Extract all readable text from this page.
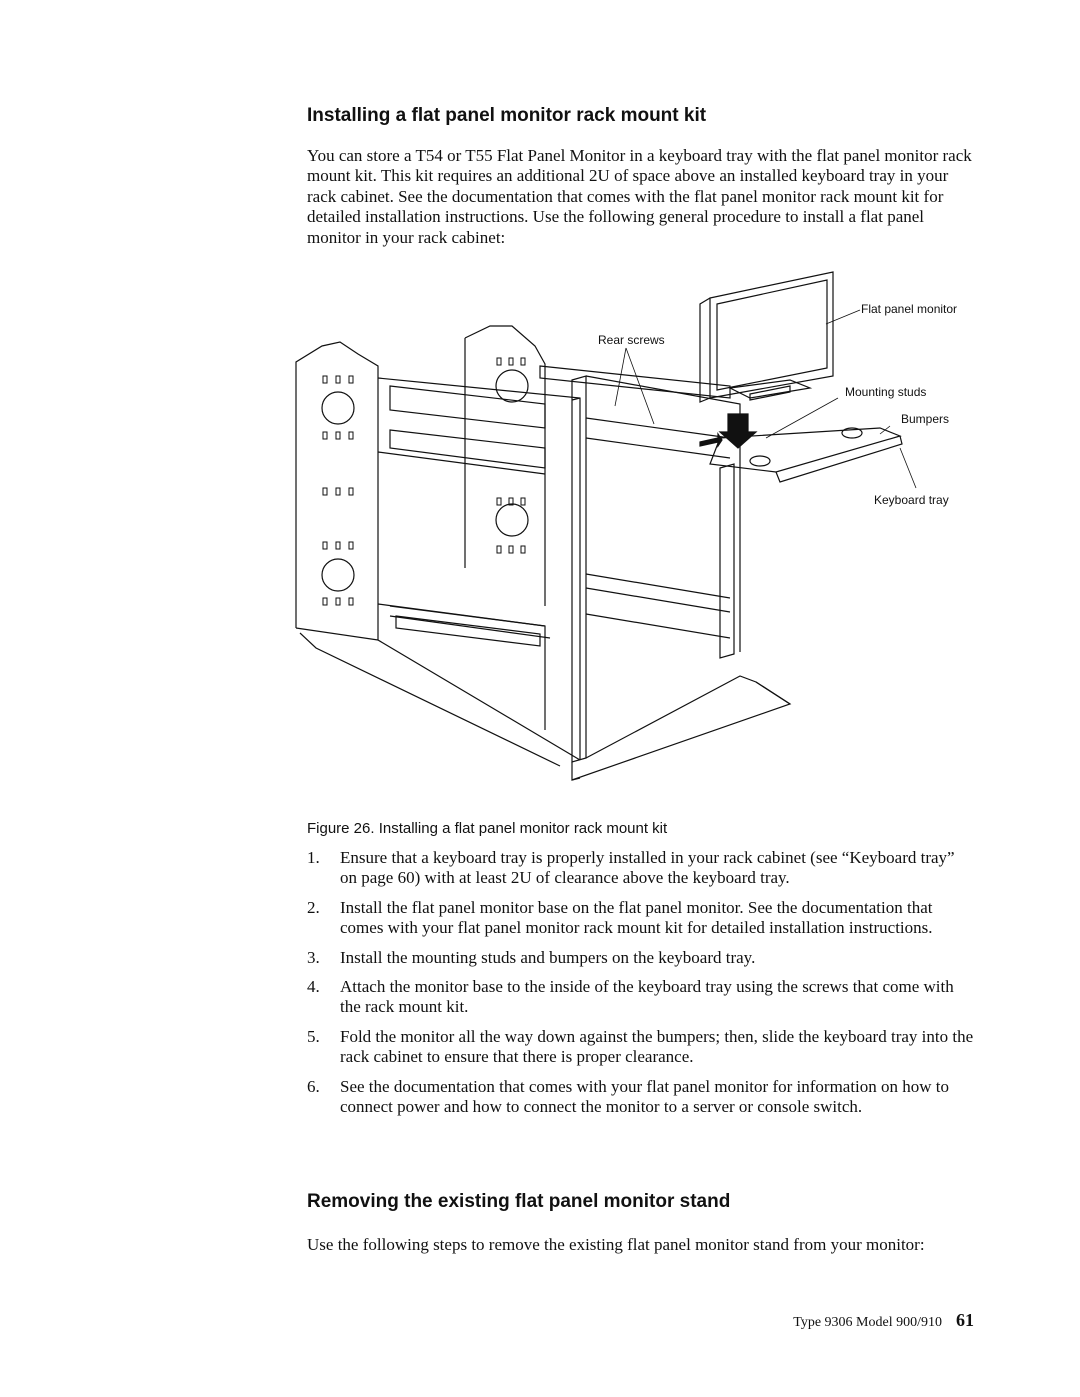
Installing a flat panel monitor rack mount kit

You can store a T54 or T55 Flat Panel Monitor in a keyboard tray with the flat panel monitor rack mount kit. This kit requires an additional 2U of space above an installed keyboard tray in your rack cabinet. See the documentation that comes with the flat panel monitor rack mount kit for detailed installation instructions. Use the following general procedure to install a flat panel monitor in your rack cabinet:

Flat panel monitor
Rear screws
Mounting studs
Bumpers
Keyboard tray

Figure 26. Installing a flat panel monitor rack mount kit

1. Ensure that a keyboard tray is properly installed in your rack cabinet (see “Keyboard tray” on page 60) with at least 2U of clearance above the keyboard tray.
2. Install the flat panel monitor base on the flat panel monitor. See the documentation that comes with your flat panel monitor rack mount kit for detailed installation instructions.
3. Install the mounting studs and bumpers on the keyboard tray.
4. Attach the monitor base to the inside of the keyboard tray using the screws that come with the rack mount kit.
5. Fold the monitor all the way down against the bumpers; then, slide the keyboard tray into the rack cabinet to ensure that there is proper clearance.
6. See the documentation that comes with your flat panel monitor for information on how to connect power and how to connect the monitor to a server or console switch.
Removing the existing flat panel monitor stand

Use the following steps to remove the existing flat panel monitor stand from your monitor:

Type 9306 Model 900/910 61
